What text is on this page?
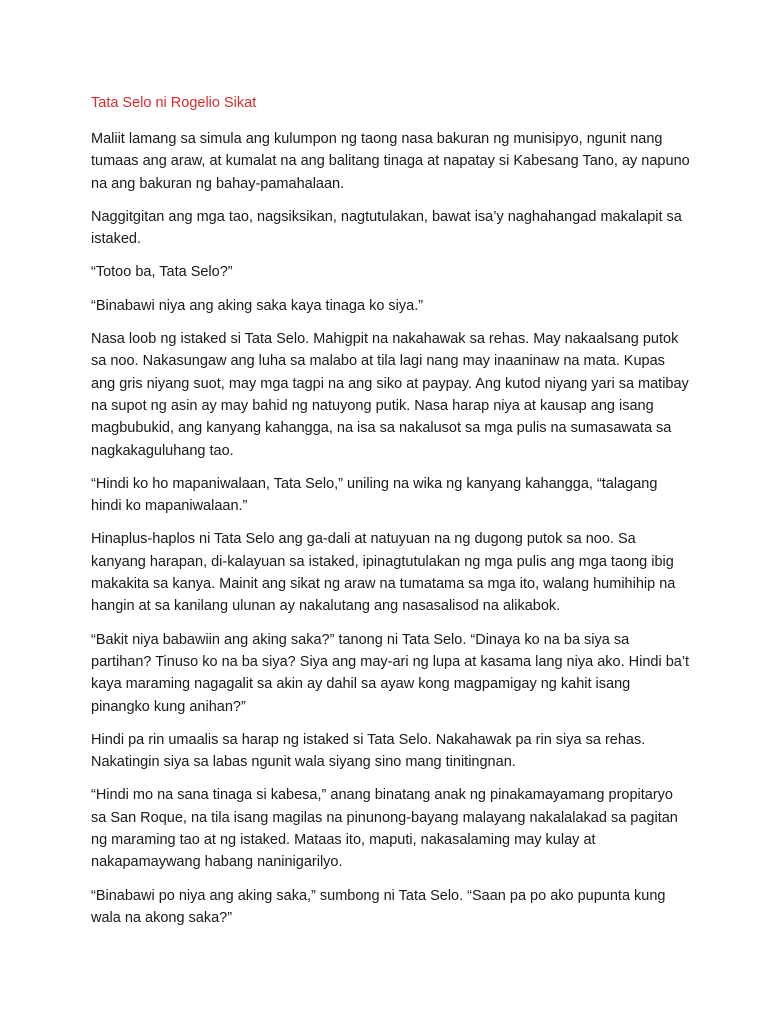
Tata Selo ni Rogelio Sikat

Maliit lamang sa simula ang kulumpon ng taong nasa bakuran ng munisipyo, ngunit nang tumaas ang araw, at kumalat na ang balitang tinaga at napatay si Kabesang Tano, ay napuno na ang bakuran ng bahay-pamahalaan.

Naggitgitan ang mga tao, nagsiksikan, nagtutulakan, bawat isa’y naghahangad makalapit sa istaked.

“Totoo ba, Tata Selo?”

“Binabawi niya ang aking saka kaya tinaga ko siya.”

Nasa loob ng istaked si Tata Selo. Mahigpit na nakahawak sa rehas. May nakaalsang putok sa noo. Nakasungaw ang luha sa malabo at tila lagi nang may inaaninaw na mata. Kupas ang gris niyang suot, may mga tagpi na ang siko at paypay. Ang kutod niyang yari sa matibay na supot ng asin ay may bahid ng natuyong putik. Nasa harap niya at kausap ang isang magbubukid, ang kanyang kahangga, na isa sa nakalusot sa mga pulis na sumasawata sa nagkakaguluhang tao.

“Hindi ko ho mapaniwalaan, Tata Selo,” uniling na wika ng kanyang kahangga, “talagang hindi ko mapaniwalaan.”

Hinaplus-haplos ni Tata Selo ang ga-dali at natuyuan na ng dugong putok sa noo. Sa kanyang harapan, di-kalayuan sa istaked, ipinagtutulakan ng mga pulis ang mga taong ibig makakita sa kanya. Mainit ang sikat ng araw na tumatama sa mga ito, walang humihihip na hangin at sa kanilang ulunan ay nakalutang ang nasasalisod na alikabok.

“Bakit niya babawiin ang aking saka?” tanong ni Tata Selo. “Dinaya ko na ba siya sa partihan? Tinuso ko na ba siya? Siya ang may-ari ng lupa at kasama lang niya ako. Hindi ba’t kaya maraming nagagalit sa akin ay dahil sa ayaw kong magpamigay ng kahit isang pinangko kung anihan?”

Hindi pa rin umaalis sa harap ng istaked si Tata Selo. Nakahawak pa rin siya sa rehas. Nakatingin siya sa labas ngunit wala siyang sino mang tinitingnan.

“Hindi mo na sana tinaga si kabesa,” anang binatang anak ng pinakamayamang propitaryo sa San Roque, na tila isang magilas na pinunong-bayang malayang nakalalakad sa pagitan ng maraming tao at ng istaked. Mataas ito, maputi, nakasalaming may kulay at nakapamaywang habang naninigarilyo.

“Binabawi po niya ang aking saka,” sumbong ni Tata Selo. “Saan pa po ako pupunta kung wala na akong saka?”
